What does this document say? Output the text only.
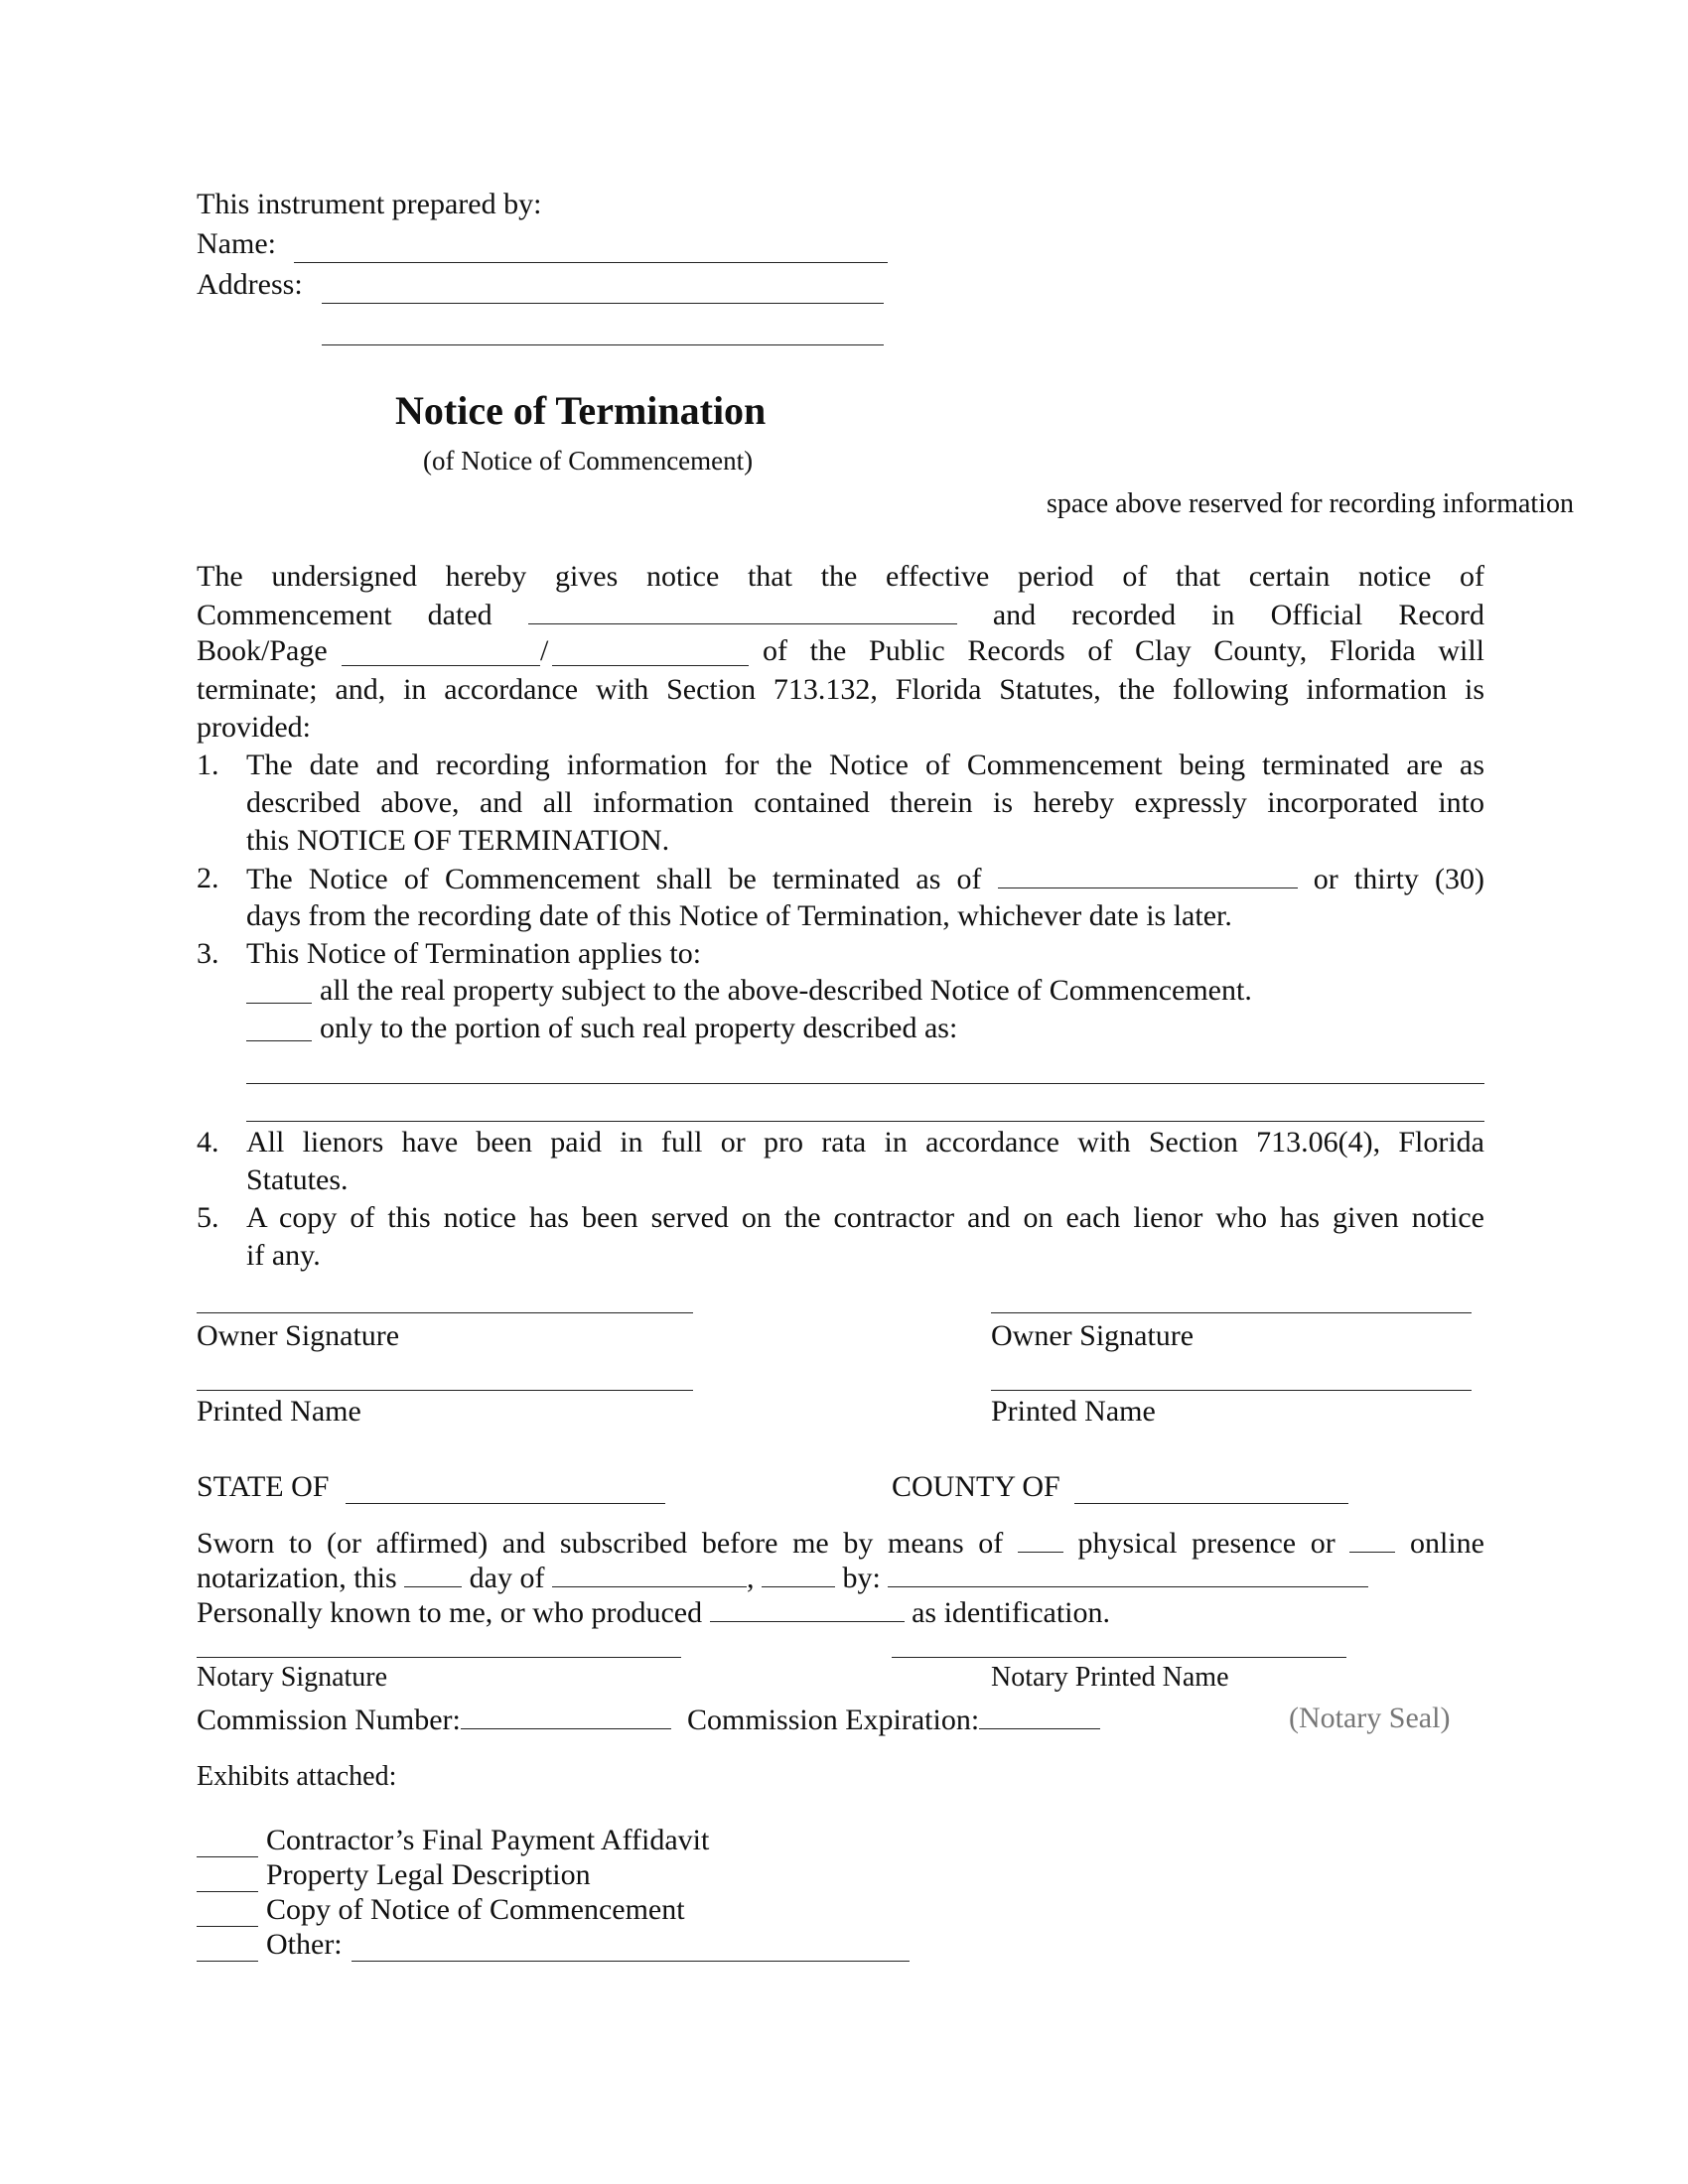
This instrument prepared by:
Name:
Address:
Notice of Termination
(of Notice of Commencement)
space above reserved for recording information
The undersigned hereby gives notice that the effective period of that certain notice of
Commencement dated	and recorded in Official Record
Book/Page	/	of the Public Records of Clay County, Florida will
terminate; and, in accordance with Section 713.132, Florida Statutes, the following information is
provided:
1. The date and recording information for the Notice of Commencement being terminated are as
described above, and all information contained therein is hereby expressly incorporated into
this NOTICE OF TERMINATION.
2. The Notice of Commencement shall be terminated as of	or thirty (30)
days from the recording date of this Notice of Termination, whichever date is later.
3. This Notice of Termination applies to:
all the real property subject to the above-described Notice of Commencement.
only to the portion of such real property described as:
4. All lienors have been paid in full or pro rata in accordance with Section 713.06(4), Florida
Statutes.
5. A copy of this notice has been served on the contractor and on each lienor who has given notice
if any.
Owner Signature	Owner Signature
Printed Name	Printed Name
STATE OF	COUNTY OF
Sworn to (or affirmed) and subscribed before me by means of	physical presence or	online
notarization, this day of	,	by:
Personally known to me, or who produced	as identification.
Notary Signature	Notary Printed Name
Commission Number:	Commission Expiration:	(Notary Seal)
Exhibits attached:
Contractor’s Final Payment Affidavit
Property Legal Description
Copy of Notice of Commencement
Other:
